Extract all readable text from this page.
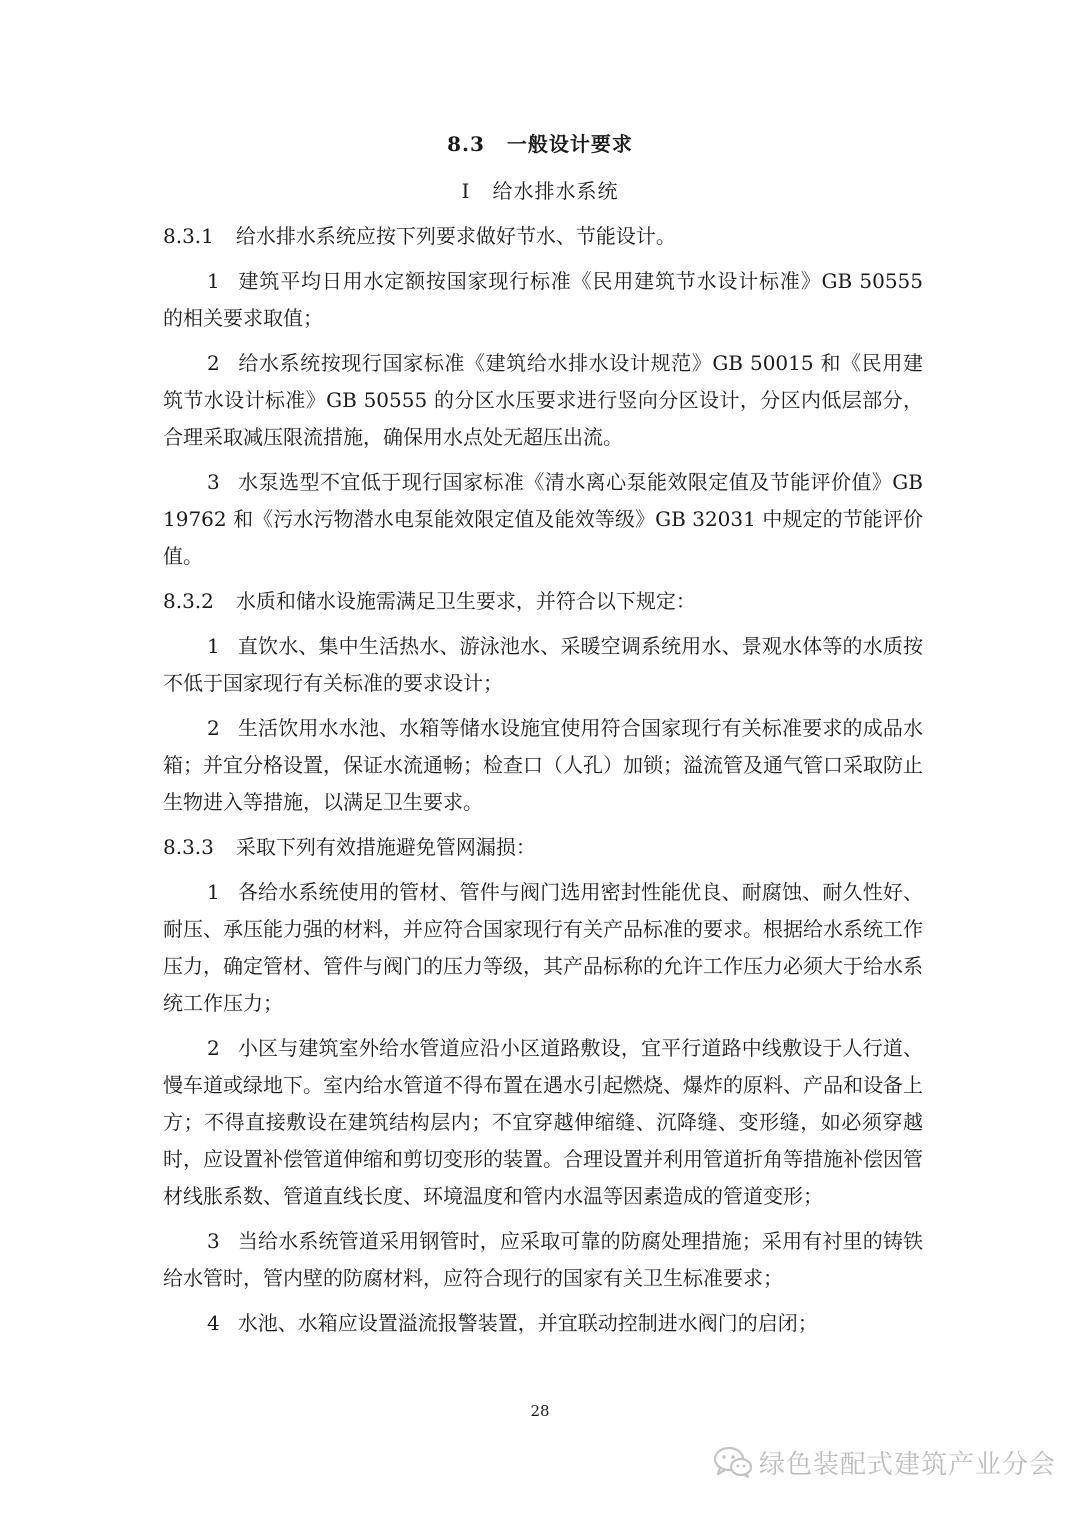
8.3 一般设计要求
Ⅰ 给水排水系统
8.3.1 给水排水系统应按下列要求做好节水、节能设计。
1 建筑平均日用水定额按国家现行标准《民用建筑节水设计标准》GB 50555 的相关要求取值；
2 给水系统按现行国家标准《建筑给水排水设计规范》GB 50015 和《民用建筑节水设计标准》GB 50555 的分区水压要求进行竖向分区设计，分区内低层部分，合理采取减压限流措施，确保用水点处无超压出流。
3 水泵选型不宜低于现行国家标准《清水离心泵能效限定值及节能评价值》GB 19762 和《污水污物潜水电泵能效限定值及能效等级》GB 32031 中规定的节能评价值。
8.3.2 水质和储水设施需满足卫生要求，并符合以下规定：
1 直饮水、集中生活热水、游泳池水、采暖空调系统用水、景观水体等的水质按不低于国家现行有关标准的要求设计；
2 生活饮用水水池、水箱等储水设施宜使用符合国家现行有关标准要求的成品水箱；并宜分格设置，保证水流通畅；检查口（人孔）加锁；溢流管及通气管口采取防止生物进入等措施，以满足卫生要求。
8.3.3 采取下列有效措施避免管网漏损：
1 各给水系统使用的管材、管件与阀门选用密封性能优良、耐腐蚀、耐久性好、耐压、承压能力强的材料，并应符合国家现行有关产品标准的要求。根据给水系统工作压力，确定管材、管件与阀门的压力等级，其产品标称的允许工作压力必须大于给水系统工作压力；
2 小区与建筑室外给水管道应沿小区道路敷设，宜平行道路中线敷设于人行道、慢车道或绿地下。室内给水管道不得布置在遇水引起燃烧、爆炸的原料、产品和设备上方；不得直接敷设在建筑结构层内；不宜穿越伸缩缝、沉降缝、变形缝，如必须穿越时，应设置补偿管道伸缩和剪切变形的装置。合理设置并利用管道折角等措施补偿因管材线胀系数、管道直线长度、环境温度和管内水温等因素造成的管道变形；
3 当给水系统管道采用钢管时，应采取可靠的防腐处理措施；采用有衬里的铸铁给水管时，管内壁的防腐材料，应符合现行的国家有关卫生标准要求；
4 水池、水箱应设置溢流报警装置，并宜联动控制进水阀门的启闭；
28
绿色装配式建筑产业分会
